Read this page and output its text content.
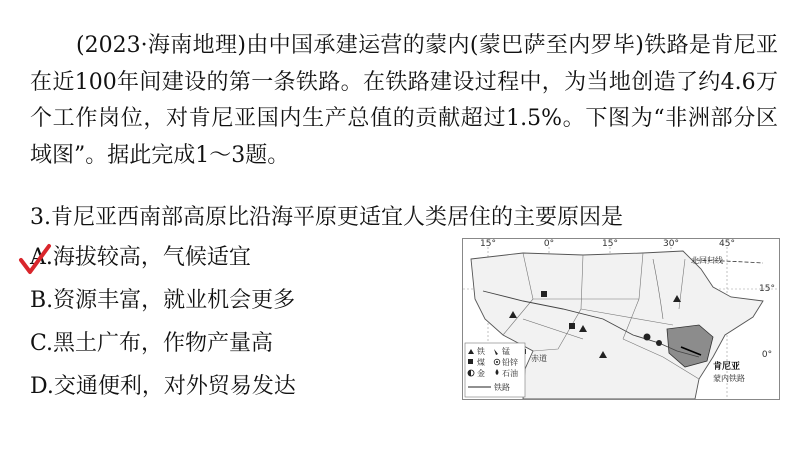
(2023·海南地理)由中国承建运营的蒙内(蒙巴萨至内罗毕)铁路是肯尼亚在近100年间建设的第一条铁路。在铁路建设过程中，为当地创造了约4.6万个工作岗位，对肯尼亚国内生产总值的贡献超过1.5%。下图为“非洲部分区域图”。据此完成1～3题。
3.肯尼亚西南部高原比沿海平原更适宜人类居住的主要原因是
A.海拔较高，气候适宜
B.资源丰富，就业机会更多
C.黑土广布，作物产量高
D.交通便利，对外贸易发达
15°	0°	15°	30°	45°
15°
0°
北回归线
赤道
肯尼亚
蒙内铁路
铁
煤
金
锰
铅锌
石油
铁路
